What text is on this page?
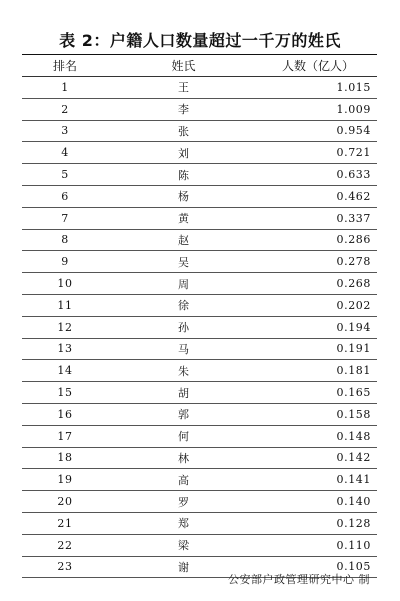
表 2：户籍人口数量超过一千万的姓氏
排名	姓氏	人数（亿人）
1	王	1.015
2	李	1.009
3	张	0.954
4	刘	0.721
5	陈	0.633
6	杨	0.462
7	黄	0.337
8	赵	0.286
9	吴	0.278
10	周	0.268
11	徐	0.202
12	孙	0.194
13	马	0.191
14	朱	0.181
15	胡	0.165
16	郭	0.158
17	何	0.148
18	林	0.142
19	高	0.141
20	罗	0.140
21	郑	0.128
22	梁	0.110
23	谢	0.105
公安部户政管理研究中心 制
